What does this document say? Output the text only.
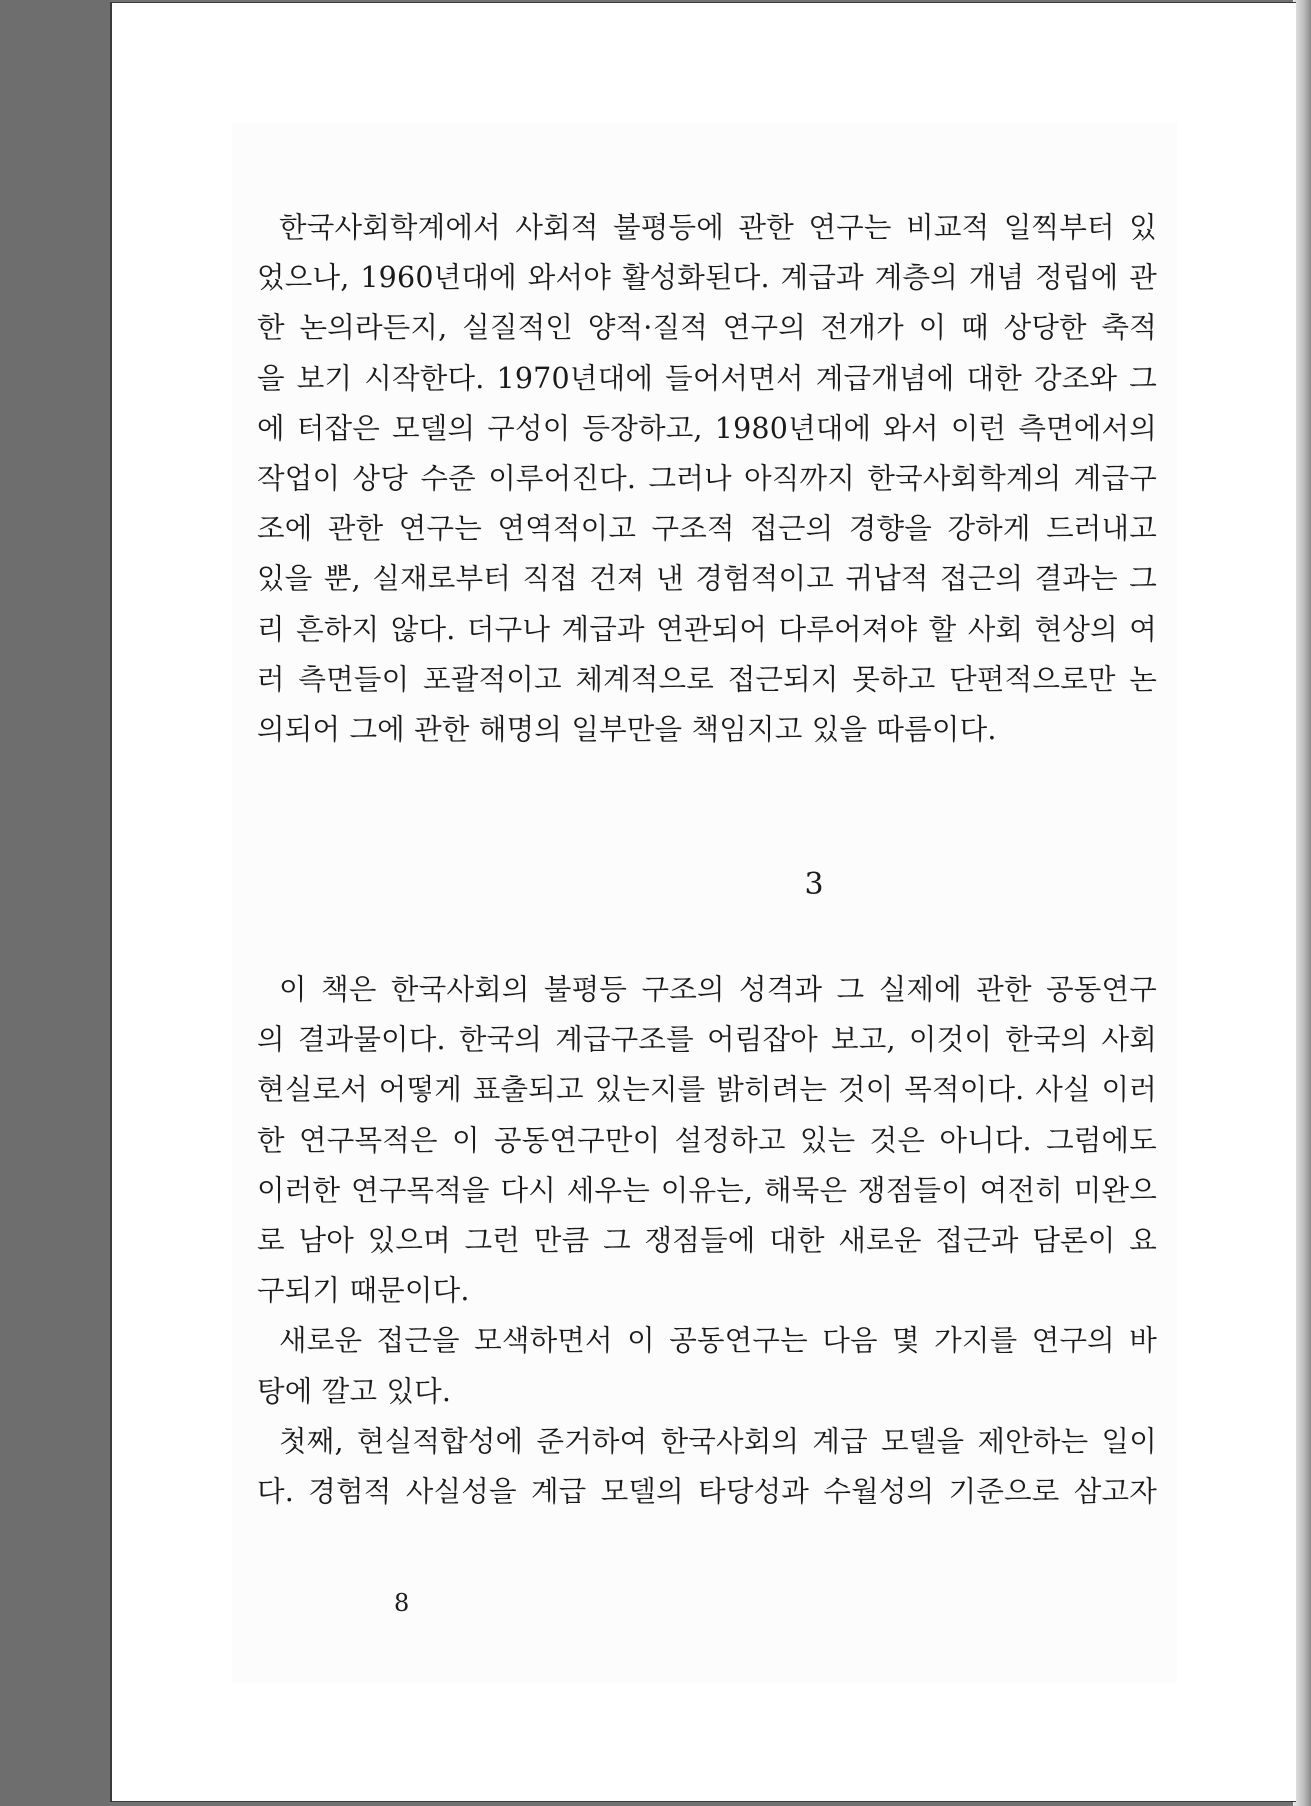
한국사회학계에서 사회적 불평등에 관한 연구는 비교적 일찍부터 있
었으나, 1960년대에 와서야 활성화된다. 계급과 계층의 개념 정립에 관
한 논의라든지, 실질적인 양적·질적 연구의 전개가 이 때 상당한 축적
을 보기 시작한다. 1970년대에 들어서면서 계급개념에 대한 강조와 그
에 터잡은 모델의 구성이 등장하고, 1980년대에 와서 이런 측면에서의
작업이 상당 수준 이루어진다. 그러나 아직까지 한국사회학계의 계급구
조에 관한 연구는 연역적이고 구조적 접근의 경향을 강하게 드러내고
있을 뿐, 실재로부터 직접 건져 낸 경험적이고 귀납적 접근의 결과는 그
리 흔하지 않다. 더구나 계급과 연관되어 다루어져야 할 사회 현상의 여
러 측면들이 포괄적이고 체계적으로 접근되지 못하고 단편적으로만 논
의되어 그에 관한 해명의 일부만을 책임지고 있을 따름이다.
3
이 책은 한국사회의 불평등 구조의 성격과 그 실제에 관한 공동연구
의 결과물이다. 한국의 계급구조를 어림잡아 보고, 이것이 한국의 사회
현실로서 어떻게 표출되고 있는지를 밝히려는 것이 목적이다. 사실 이러
한 연구목적은 이 공동연구만이 설정하고 있는 것은 아니다. 그럼에도
이러한 연구목적을 다시 세우는 이유는, 해묵은 쟁점들이 여전히 미완으
로 남아 있으며 그런 만큼 그 쟁점들에 대한 새로운 접근과 담론이 요
구되기 때문이다.
새로운 접근을 모색하면서 이 공동연구는 다음 몇 가지를 연구의 바
탕에 깔고 있다.
첫째, 현실적합성에 준거하여 한국사회의 계급 모델을 제안하는 일이
다. 경험적 사실성을 계급 모델의 타당성과 수월성의 기준으로 삼고자
8
